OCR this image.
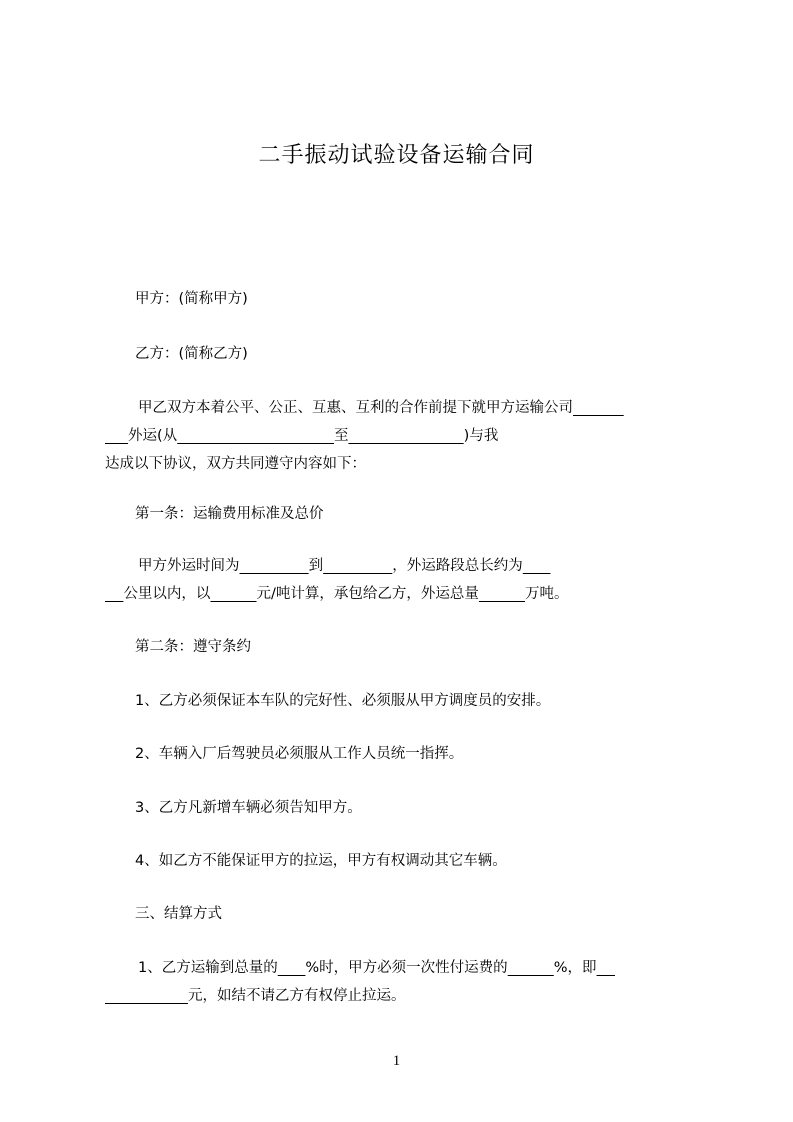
二手振动试验设备运输合同
甲方：(简称甲方)
乙方：(简称乙方)
甲乙双方本着公平、公正、互惠、互利的合作前提下就甲方运输公司
外运(从	至	)与我
达成以下协议，双方共同遵守内容如下：
第一条：运输费用标准及总价
甲方外运时间为	到	，外运路段总长约为
公里以内，以	元/吨计算，承包给乙方，外运总量	万吨。
第二条：遵守条约
1、乙方必须保证本车队的完好性、必须服从甲方调度员的安排。
2、车辆入厂后驾驶员必须服从工作人员统一指挥。
3、乙方凡新增车辆必须告知甲方。
4、如乙方不能保证甲方的拉运，甲方有权调动其它车辆。
三、结算方式
1、乙方运输到总量的 %时，甲方必须一次性付运费的	%，即
元，如结不请乙方有权停止拉运。
1
